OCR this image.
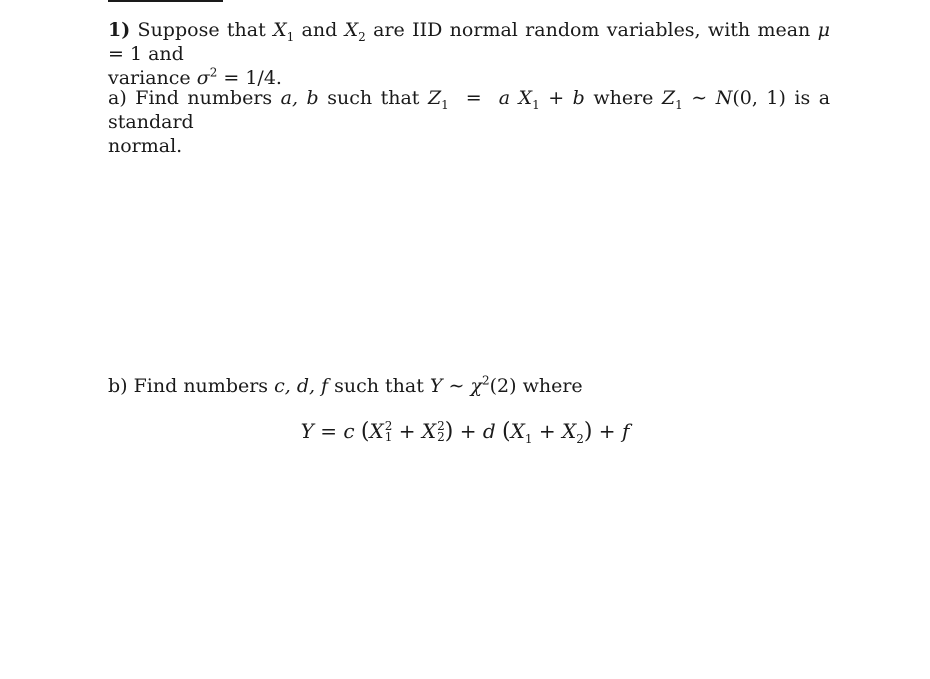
1) Suppose that $X_1$ and $X_2$ are IID normal random variables, with mean μ = 1 and
variance $\sigma^2 = 1/4$.

a) Find numbers a, b such that $Z_1 = a$ $X_1 + b$ where $Z_1$ ∼ N(0, 1) is a standard
normal.

b) Find numbers c, d, f such that Y ∼ $\chi^2(2)$ where

Y = c (X 2
1 + X 2
2 ) + d $(X_1 + X_2) + f$
